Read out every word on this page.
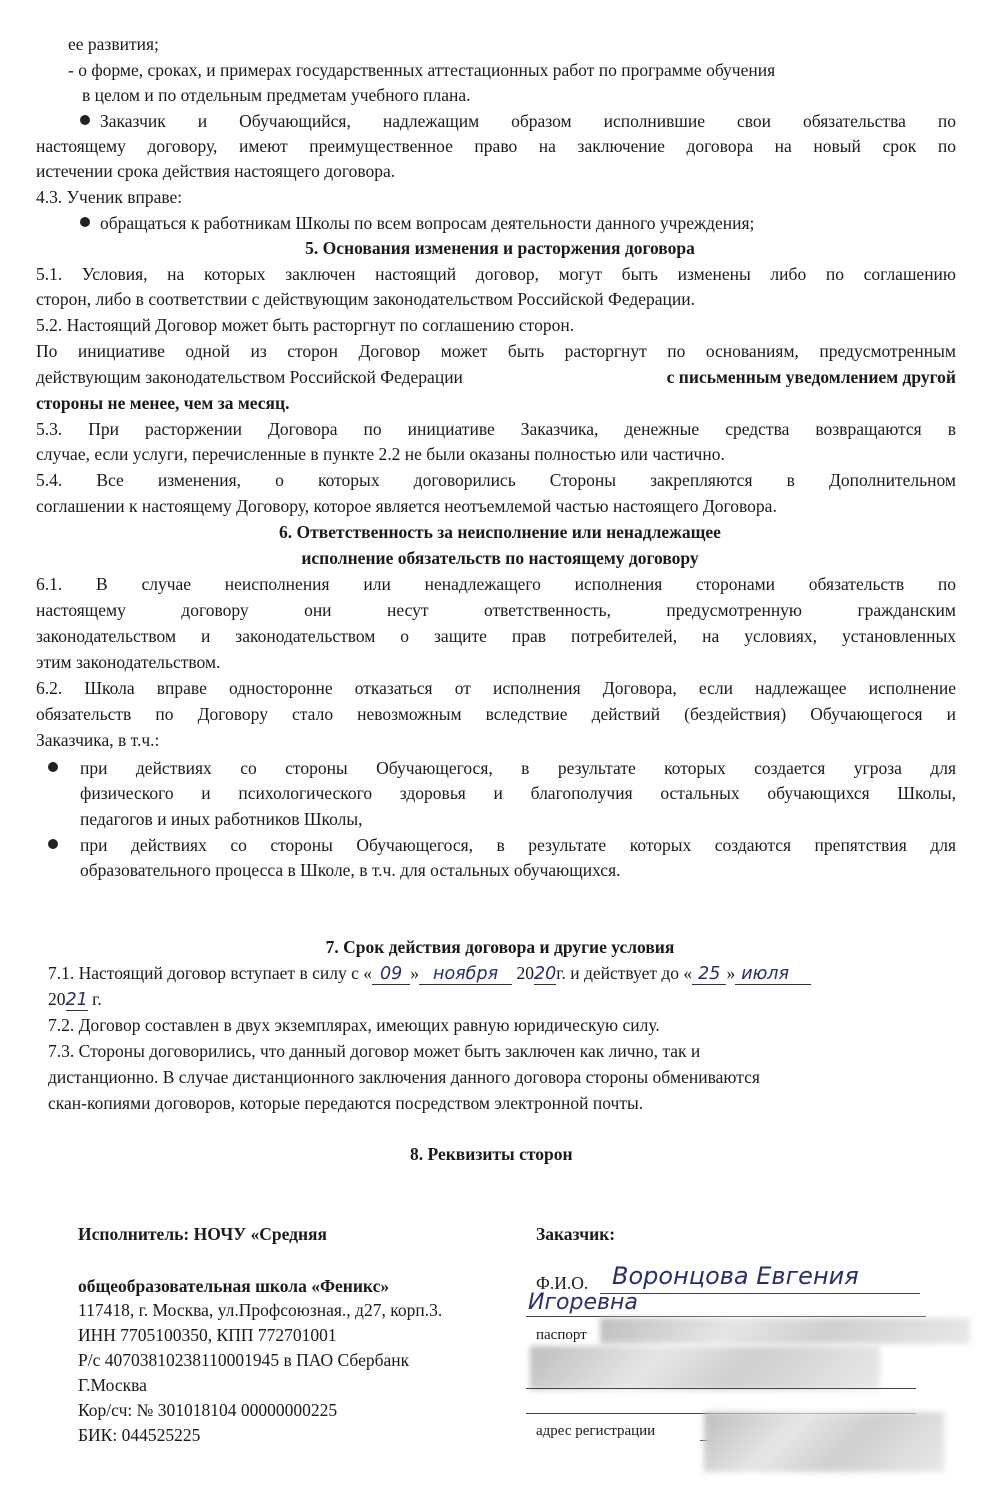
ее развития;
- о форме, сроках, и примерах государственных аттестационных работ по программе обучения
в целом и по отдельным предметам учебного плана.
Заказчик и Обучающийся, надлежащим образом исполнившие свои обязательства по
настоящему договору, имеют преимущественное право на заключение договора на новый срок по
истечении срока действия настоящего договора.
4.3. Ученик вправе:
обращаться к работникам Школы по всем вопросам деятельности данного учреждения;
5. Основания изменения и расторжения договора
5.1. Условия, на которых заключен настоящий договор, могут быть изменены либо по соглашению
сторон, либо в соответствии с действующим законодательством Российской Федерации.
5.2. Настоящий Договор может быть расторгнут по соглашению сторон.
По инициативе одной из сторон Договор может быть расторгнут по основаниям, предусмотренным
действующим законодательством Российской Федерации	с письменным уведомлением другой
стороны не менее, чем за месяц.
5.3. При расторжении Договора по инициативе Заказчика, денежные средства возвращаются в
случае, если услуги, перечисленные в пункте 2.2 не были оказаны полностью или частично.
5.4. Все изменения, о которых договорились Стороны закрепляются в Дополнительном
соглашении к настоящему Договору, которое является неотъемлемой частью настоящего Договора.
6. Ответственность за неисполнение или ненадлежащее
исполнение обязательств по настоящему договору
6.1. В случае неисполнения или ненадлежащего исполнения сторонами обязательств по
настоящему договору они несут ответственность, предусмотренную гражданским
законодательством и законодательством о защите прав потребителей, на условиях, установленных
этим законодательством.
6.2. Школа вправе односторонне отказаться от исполнения Договора, если надлежащее исполнение
обязательств по Договору стало невозможным вследствие действий (бездействия) Обучающегося и
Заказчика, в т.ч.:
при действиях со стороны Обучающегося, в результате которых создается угроза для
физического и психологического здоровья и благополучия остальных обучающихся Школы,
педагогов и иных работников Школы,
при действиях со стороны Обучающегося, в результате которых создаются препятствия для
образовательного процесса в Школе, в т.ч. для остальных обучающихся.
7. Срок действия договора и другие условия
7.1. Настоящий договор вступает в силу с « 09 » ноября 2020г. и действует до « 25 » июля
2021 г.
7.2. Договор составлен в двух экземплярах, имеющих равную юридическую силу.
7.3. Стороны договорились, что данный договор может быть заключен как лично, так и
дистанционно. В случае дистанционного заключения данного договора стороны обмениваются
скан-копиями договоров, которые передаются посредством электронной почты.
8. Реквизиты сторон
Исполнитель: НОЧУ «Средняя
общеобразовательная школа «Феникс»
117418, г. Москва, ул.Профсоюзная., д27, корп.3.
ИНН 7705100350, КПП 772701001
Р/с 40703810238110001945 в ПАО Сбербанк
Г.Москва
Кор/сч: № 301018104 00000000225
БИК: 044525225
Заказчик:
Ф.И.О. Воронцова Евгения
Игоревна
паспорт
адрес регистрации
